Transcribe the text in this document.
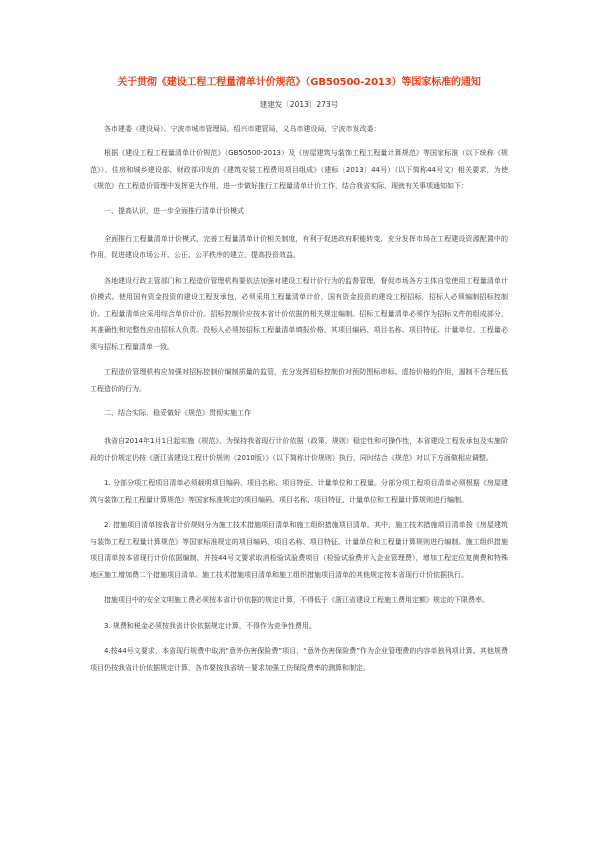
关于贯彻《建设工程工程量清单计价规范》（GB50500-2013）等国家标准的通知

建建发〔2013〕273号

各市建委（建设局）、宁波市城市管理局、绍兴市建管局，义乌市建设局，宁波市发改委：

根据《建设工程工程量清单计价规范》（GB50500-2013）及《房屋建筑与装饰工程工程量计算规范》等国家标准（以下统称《规范》）、住房和城乡建设部、财政部印发的《建筑安装工程费用项目组成》（建标〔2013〕44号）（以下简称44号文）相关要求，为使《规范》在工程造价管理中发挥更大作用，进一步做好推行工程量清单计价工作，结合我省实际，现就有关事项通知如下：

一、提高认识，进一步全面推行清单计价模式

全面推行工程量清单计价模式，完善工程量清单计价相关制度，有利于促进政府职能转变，充分发挥市场在工程建设资源配置中的作用，促进建设市场公开、公正、公平秩序的建立，提高投资效益。

各地建设行政主管部门和工程造价管理机构要依法加强对建设工程计价行为的监督管理，督促市场各方主体自觉使用工程量清单计价模式。使用国有资金投资的建设工程发承包，必须采用工程量清单计价，国有资金投资的建设工程招标，招标人必须编制招标控制价。工程量清单应采用综合单价计价。招标控制价应按本省计价依据的相关规定编制。招标工程量清单必须作为招标文件的组成部分，其准确性和完整性应由招标人负责。投标人必须按招标工程量清单填报价格，其项目编码、项目名称、项目特征、计量单位、工程量必须与招标工程量清单一致。

工程造价管理机构应加强对招标控制价编制质量的监管，充分发挥招标控制价对预防围标串标、虚抬价格的作用，遏制不合理压低工程造价的行为。

二、结合实际，稳妥做好《规范》贯彻实施工作

我省自2014年1月1日起实施《规范》，为保持我省现行计价依据（政策、规则）稳定性和可操作性，本省建设工程发承包及实施阶段的计价规定仍按《浙江省建设工程计价规则（2010版）》（以下简称计价规则）执行，同时结合《规范》对以下方面做相应调整。

1. 分部分项工程项目清单必须载明项目编码、项目名称、项目特征、计量单位和工程量。分部分项工程项目清单必须根据《房屋建筑与装饰工程工程量计算规范》等国家标准规定的项目编码、项目名称、项目特征、计量单位和工程量计算规则进行编制。

2. 措施项目清单按我省计价规则分为施工技术措施项目清单和施工组织措施项目清单。其中，施工技术措施项目清单按《房屋建筑与装饰工程工程量计算规范》等国家标准规定的项目编码、项目名称、项目特征、计量单位和工程量计算规则进行编制。施工组织措施项目清单按本省现行计价依据编制，并按44号文要求取消检验试验费项目（检验试验费并入企业管理费），增加工程定位复测费和特殊地区施工增加费二个措施项目清单。施工技术措施项目清单和施工组织措施项目清单的其他规定按本省现行计价依据执行。

措施项目中的安全文明施工费必须按本省计价依据的规定计算，不得低于《浙江省建设工程施工费用定额》规定的下限费率。

3. 规费和税金必须按我省计价依据规定计算，不得作为竞争性费用。

4.按44号文要求，本省现行规费中取消“意外伤害保险费”项目，“意外伤害保险费”作为企业管理费的内容单独列项计算。其他规费项目仍按我省计价依据规定计算，各市要按我省统一要求加强工伤保险费率的测算和制定。
